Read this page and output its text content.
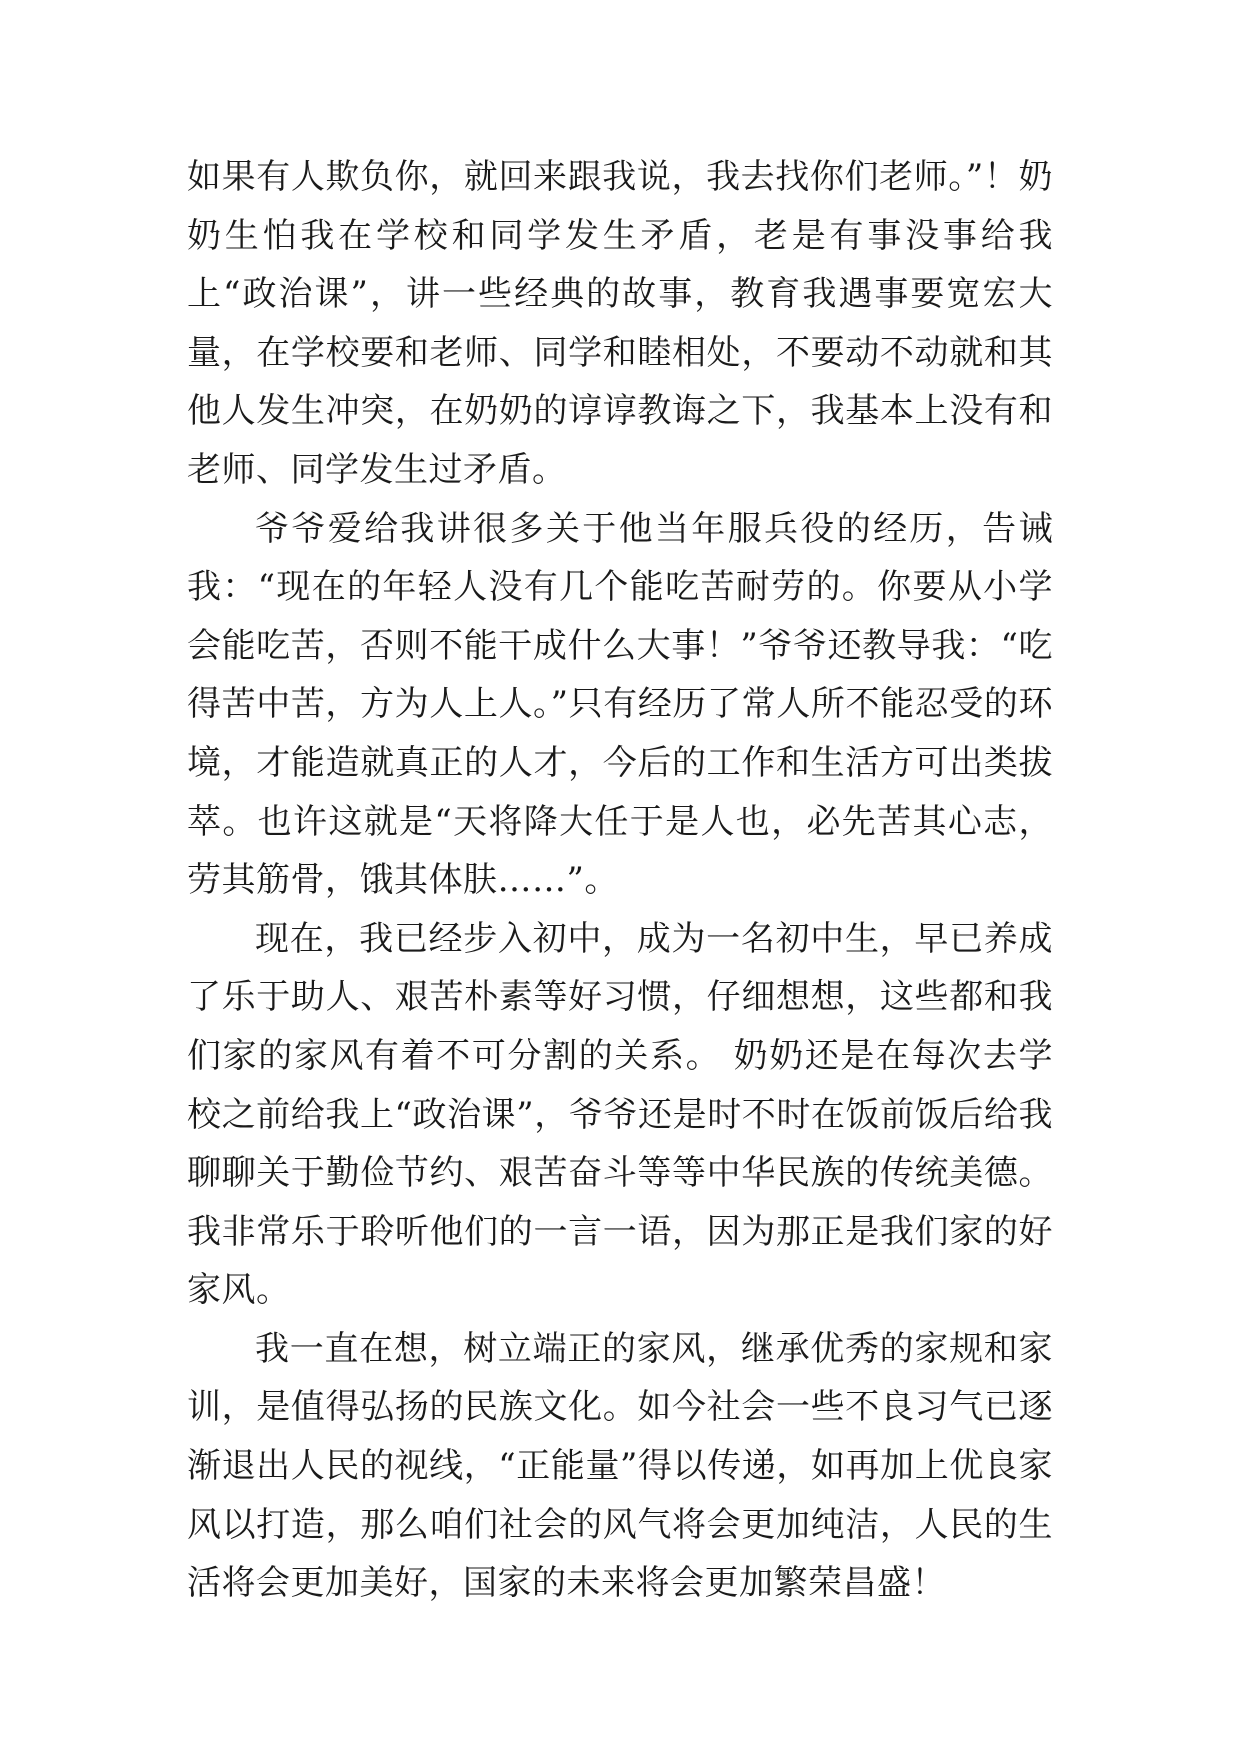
如果有人欺负你，就回来跟我说，我去找你们老师。”！奶奶生怕我在学校和同学发生矛盾，老是有事没事给我上“政治课”，讲一些经典的故事，教育我遇事要宽宏大量，在学校要和老师、同学和睦相处，不要动不动就和其他人发生冲突，在奶奶的谆谆教诲之下，我基本上没有和老师、同学发生过矛盾。

爷爷爱给我讲很多关于他当年服兵役的经历，告诫我：“现在的年轻人没有几个能吃苦耐劳的。你要从小学会能吃苦，否则不能干成什么大事！”爷爷还教导我：“吃得苦中苦，方为人上人。”只有经历了常人所不能忍受的环境，才能造就真正的人才，今后的工作和生活方可出类拔萃。也许这就是“天将降大任于是人也，必先苦其心志，劳其筋骨，饿其体肤……”。

现在，我已经步入初中，成为一名初中生，早已养成了乐于助人、艰苦朴素等好习惯，仔细想想，这些都和我们家的家风有着不可分割的关系。 奶奶还是在每次去学校之前给我上“政治课”，爷爷还是时不时在饭前饭后给我聊聊关于勤俭节约、艰苦奋斗等等中华民族的传统美德。我非常乐于聆听他们的一言一语，因为那正是我们家的好家风。

我一直在想，树立端正的家风，继承优秀的家规和家训，是值得弘扬的民族文化。如今社会一些不良习气已逐渐退出人民的视线，“正能量”得以传递，如再加上优良家风以打造，那么咱们社会的风气将会更加纯洁，人民的生活将会更加美好，国家的未来将会更加繁荣昌盛！
